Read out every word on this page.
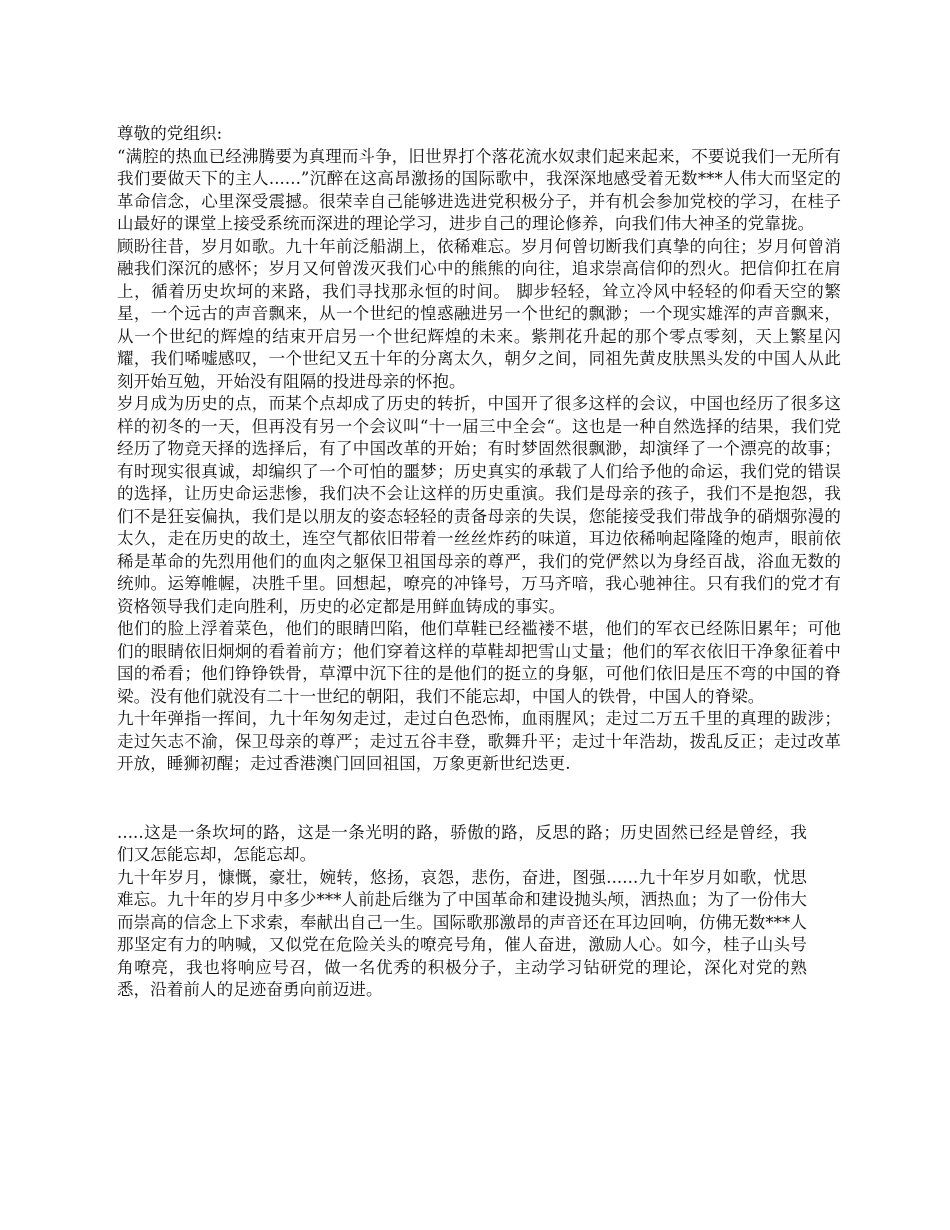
尊敬的党组织:

“满腔的热血已经沸腾要为真理而斗争，旧世界打个落花流水奴隶们起来起来，不要说我们一无所有我们要做天下的主人......”沉醉在这高昂激扬的国际歌中，我深深地感受着无数***人伟大而坚定的革命信念，心里深受震撼。很荣幸自己能够进选进党积极分子，并有机会参加党校的学习，在桂子山最好的课堂上接受系统而深进的理论学习，进步自己的理论修养，向我们伟大神圣的党靠拢。

顾盼往昔，岁月如歌。九十年前泛船湖上，依稀难忘。岁月何曾切断我们真挚的向往；岁月何曾消融我们深沉的感怀；岁月又何曾泼灭我们心中的熊熊的向往，追求崇高信仰的烈火。把信仰扛在肩上，循着历史坎坷的来路，我们寻找那永恒的时间。 脚步轻轻，耸立冷风中轻轻的仰看天空的繁星，一个远古的声音飘来，从一个世纪的惶惑融进另一个世纪的飘渺；一个现实雄浑的声音飘来，从一个世纪的辉煌的结束开启另一个世纪辉煌的未来。紫荆花升起的那个零点零刻，天上繁星闪耀，我们唏嘘感叹，一个世纪又五十年的分离太久，朝夕之间，同祖先黄皮肤黑头发的中国人从此刻开始互勉，开始没有阻隔的投进母亲的怀抱。

岁月成为历史的点，而某个点却成了历史的转折，中国开了很多这样的会议，中国也经历了很多这样的初冬的一天，但再没有另一个会议叫“十一届三中全会“。这也是一种自然选择的结果，我们党经历了物竞天择的选择后，有了中国改革的开始；有时梦固然很飘渺，却演绎了一个漂亮的故事；有时现实很真诚，却编织了一个可怕的噩梦；历史真实的承载了人们给予他的命运，我们党的错误的选择，让历史命运悲惨，我们决不会让这样的历史重演。我们是母亲的孩子，我们不是抱怨，我们不是狂妄偏执，我们是以朋友的姿态轻轻的责备母亲的失误，您能接受我们带战争的硝烟弥漫的太久，走在历史的故土，连空气都依旧带着一丝丝炸药的味道，耳边依稀响起隆隆的炮声，眼前依稀是革命的先烈用他们的血肉之躯保卫祖国母亲的尊严，我们的党俨然以为身经百战，浴血无数的统帅。运筹帷幄，决胜千里。回想起，嘹亮的冲锋号，万马齐喑，我心驰神往。只有我们的党才有资格领导我们走向胜利，历史的必定都是用鲜血铸成的事实。

他们的脸上浮着菜色，他们的眼睛凹陷，他们草鞋已经褴褛不堪，他们的军衣已经陈旧累年；可他们的眼睛依旧炯炯的看着前方；他们穿着这样的草鞋却把雪山丈量；他们的军衣依旧干净象征着中国的希看；他们铮铮铁骨，草潭中沉下往的是他们的挺立的身躯，可他们依旧是压不弯的中国的脊梁。没有他们就没有二十一世纪的朝阳，我们不能忘却，中国人的铁骨，中国人的脊梁。

九十年弹指一挥间，九十年匆匆走过，走过白色恐怖，血雨腥风；走过二万五千里的真理的跋涉；走过矢志不渝，保卫母亲的尊严；走过五谷丰登，歌舞升平；走过十年浩劫，拨乱反正；走过改革开放，睡狮初醒；走过香港澳门回回祖国，万象更新世纪迭更.

.....这是一条坎坷的路，这是一条光明的路，骄傲的路，反思的路；历史固然已经是曾经，我们又怎能忘却，怎能忘却。

九十年岁月，慷慨，豪壮，婉转，悠扬，哀怨，悲伤，奋进，图强......九十年岁月如歌，忧思难忘。九十年的岁月中多少***人前赴后继为了中国革命和建设抛头颅，洒热血；为了一份伟大而崇高的信念上下求索，奉献出自己一生。国际歌那激昂的声音还在耳边回响，仿佛无数***人那坚定有力的呐喊，又似党在危险关头的嘹亮号角，催人奋进，激励人心。如今，桂子山头号角嘹亮，我也将响应号召，做一名优秀的积极分子，主动学习钻研党的理论，深化对党的熟悉，沿着前人的足迹奋勇向前迈进。
